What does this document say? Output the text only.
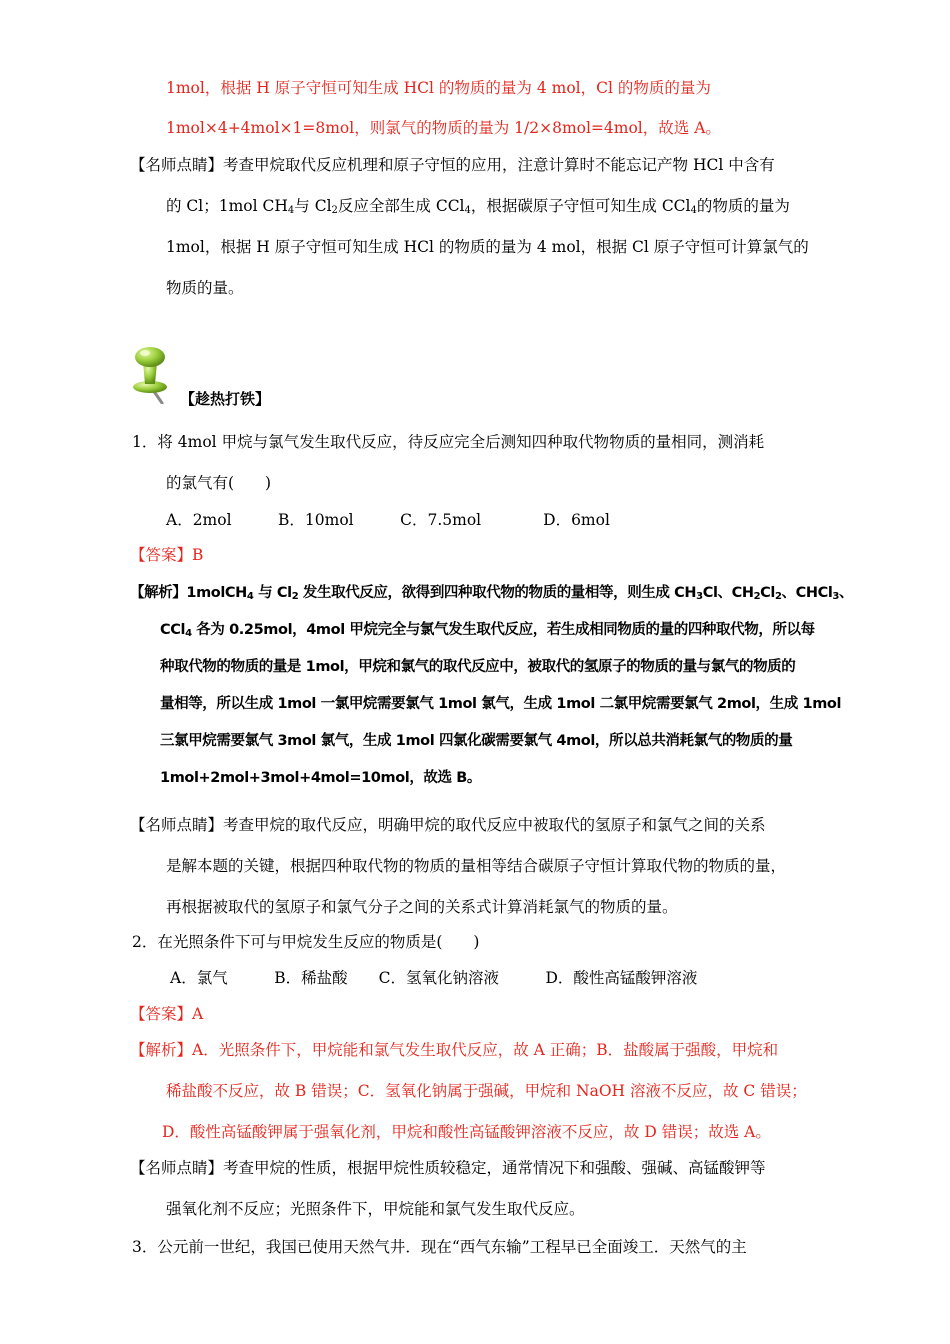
1mol，根据 H 原子守恒可知生成 HCl 的物质的量为 4 mol，Cl 的物质的量为
1mol×4+4mol×1=8mol，则氯气的物质的量为 1/2×8mol=4mol，故选 A。
【名师点睛】考查甲烷取代反应机理和原子守恒的应用，注意计算时不能忘记产物 HCl 中含有
的 Cl；1mol $CH_4$与 $Cl_2$反应全部生成 CCl$_4$，根据碳原子守恒可知生成 CCl$_4$的物质的量为
1mol，根据 H 原子守恒可知生成 HCl 的物质的量为 4 mol，根据 Cl 原子守恒可计算氯气的
物质的量。
【趁热打铁】
1．将 4mol 甲烷与氯气发生取代反应，待反应完全后测知四种取代物物质的量相同，测消耗
的氯气有(　　)
A．2mol　　　B．10mol　　　C．7.5mol　　　　D．6mol
【答案】B
【解析】1molCH$_4$ 与 $Cl_2$ 发生取代反应，欲得到四种取代物的物质的量相等，则生成 $CH_3Cl$、$CH_2Cl_2$、CHCl$_3$、
CCl$_4$ 各为 0.25mol，4mol 甲烷完全与氯气发生取代反应，若生成相同物质的量的四种取代物，所以每
种取代物的物质的量是 1mol，甲烷和氯气的取代反应中，被取代的氢原子的物质的量与氯气的物质的
量相等，所以生成 1mol 一氯甲烷需要氯气 1mol 氯气，生成 1mol 二氯甲烷需要氯气 2mol，生成 1mol
三氯甲烷需要氯气 3mol 氯气，生成 1mol 四氯化碳需要氯气 4mol，所以总共消耗氯气的物质的量
1mol+2mol+3mol+4mol=10mol，故选 B。
【名师点睛】考查甲烷的取代反应，明确甲烷的取代反应中被取代的氢原子和氯气之间的关系
是解本题的关键，根据四种取代物的物质的量相等结合碳原子守恒计算取代物的物质的量，
再根据被取代的氢原子和氯气分子之间的关系式计算消耗氯气的物质的量。
2．在光照条件下可与甲烷发生反应的物质是(　　)
A．氯气　　　B．稀盐酸　　C．氢氧化钠溶液　　　D．酸性高锰酸钾溶液
【答案】A
【解析】A．光照条件下，甲烷能和氯气发生取代反应，故 A 正确；B．盐酸属于强酸，甲烷和
稀盐酸不反应，故 B 错误；C．氢氧化钠属于强碱，甲烷和 NaOH 溶液不反应，故 C 错误；
D．酸性高锰酸钾属于强氧化剂，甲烷和酸性高锰酸钾溶液不反应，故 D 错误；故选 A。
【名师点睛】考查甲烷的性质，根据甲烷性质较稳定，通常情况下和强酸、强碱、高锰酸钾等
强氧化剂不反应；光照条件下，甲烷能和氯气发生取代反应。
3．公元前一世纪，我国已使用天然气井．现在“西气东输”工程早已全面竣工．天然气的主
